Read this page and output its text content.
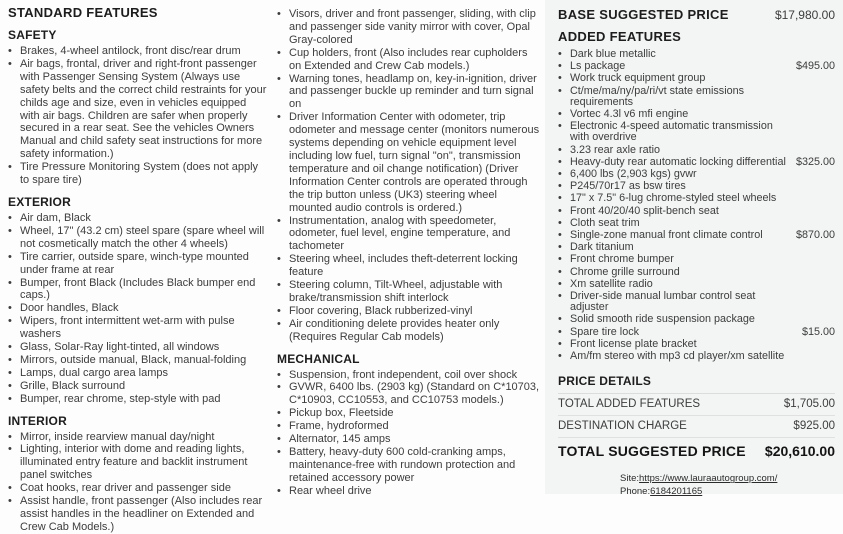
STANDARD FEATURES
SAFETY
•
Brakes, 4-wheel antilock, front disc/rear drum
•
Air bags, frontal, driver and right-front passenger with Passenger Sensing System (Always use safety belts and the correct child restraints for your childs age and size, even in vehicles equipped with air bags. Children are safer when properly secured in a rear seat. See the vehicles Owners Manual and child safety seat instructions for more safety information.)
•
Tire Pressure Monitoring System (does not apply to spare tire)
EXTERIOR
•
Air dam, Black
•
Wheel, 17" (43.2 cm) steel spare (spare wheel will not cosmetically match the other 4 wheels)
•
Tire carrier, outside spare, winch-type mounted under frame at rear
•
Bumper, front Black (Includes Black bumper end caps.)
•
Door handles, Black
•
Wipers, front intermittent wet-arm with pulse washers
•
Glass, Solar-Ray light-tinted, all windows
•
Mirrors, outside manual, Black, manual-folding
•
Lamps, dual cargo area lamps
•
Grille, Black surround
•
Bumper, rear chrome, step-style with pad
INTERIOR
•
Mirror, inside rearview manual day/night
•
Lighting, interior with dome and reading lights, illuminated entry feature and backlit instrument panel switches
•
Coat hooks, rear driver and passenger side
•
Assist handle, front passenger (Also includes rear assist handles in the headliner on Extended and Crew Cab Models.)
•
Visors, driver and front passenger, sliding, with clip and passenger side vanity mirror with cover, Opal Gray-colored
•
Cup holders, front (Also includes rear cupholders on Extended and Crew Cab models.)
•
Warning tones, headlamp on, key-in-ignition, driver and passenger buckle up reminder and turn signal on
•
Driver Information Center with odometer, trip odometer and message center (monitors numerous systems depending on vehicle equipment level including low fuel, turn signal "on", transmission temperature and oil change notification) (Driver Information Center controls are operated through the trip button unless (UK3) steering wheel mounted audio controls is ordered.)
•
Instrumentation, analog with speedometer, odometer, fuel level, engine temperature, and tachometer
•
Steering wheel, includes theft-deterrent locking feature
•
Steering column, Tilt-Wheel, adjustable with brake/transmission shift interlock
•
Floor covering, Black rubberized-vinyl
•
Air conditioning delete provides heater only (Requires Regular Cab models)
MECHANICAL
•
Suspension, front independent, coil over shock
•
GVWR, 6400 lbs. (2903 kg) (Standard on C*10703, C*10903, CC10553, and CC10753 models.)
•
Pickup box, Fleetside
•
Frame, hydroformed
•
Alternator, 145 amps
•
Battery, heavy-duty 600 cold-cranking amps, maintenance-free with rundown protection and retained accessory power
•
Rear wheel drive
BASE SUGGESTED PRICE	$17,980.00
ADDED FEATURES
•
Dark blue metallic
•
Ls package	$495.00
•
Work truck equipment group
•
Ct/me/ma/ny/pa/ri/vt state emissions requirements
•
Vortec 4.3l v6 mfi engine
•
Electronic 4-speed automatic transmission with overdrive
•
3.23 rear axle ratio
•
Heavy-duty rear automatic locking differential $325.00
•
6,400 lbs (2,903 kgs) gvwr
•
P245/70r17 as bsw tires
•
17" x 7.5" 6-lug chrome-styled steel wheels
•
Front 40/20/40 split-bench seat
•
Cloth seat trim
•
Single-zone manual front climate control	$870.00
•
Dark titanium
•
Front chrome bumper
•
Chrome grille surround
•
Xm satellite radio
•
Driver-side manual lumbar control seat adjuster
•
Solid smooth ride suspension package
•
Spare tire lock	$15.00
•
Front license plate bracket
•
Am/fm stereo with mp3 cd player/xm satellite
PRICE DETAILS
TOTAL ADDED FEATURES	$1,705.00
DESTINATION CHARGE	$925.00
TOTAL SUGGESTED PRICE $20,610.00
Site:https://www.lauraautogroup.com/
Phone:6184201165
